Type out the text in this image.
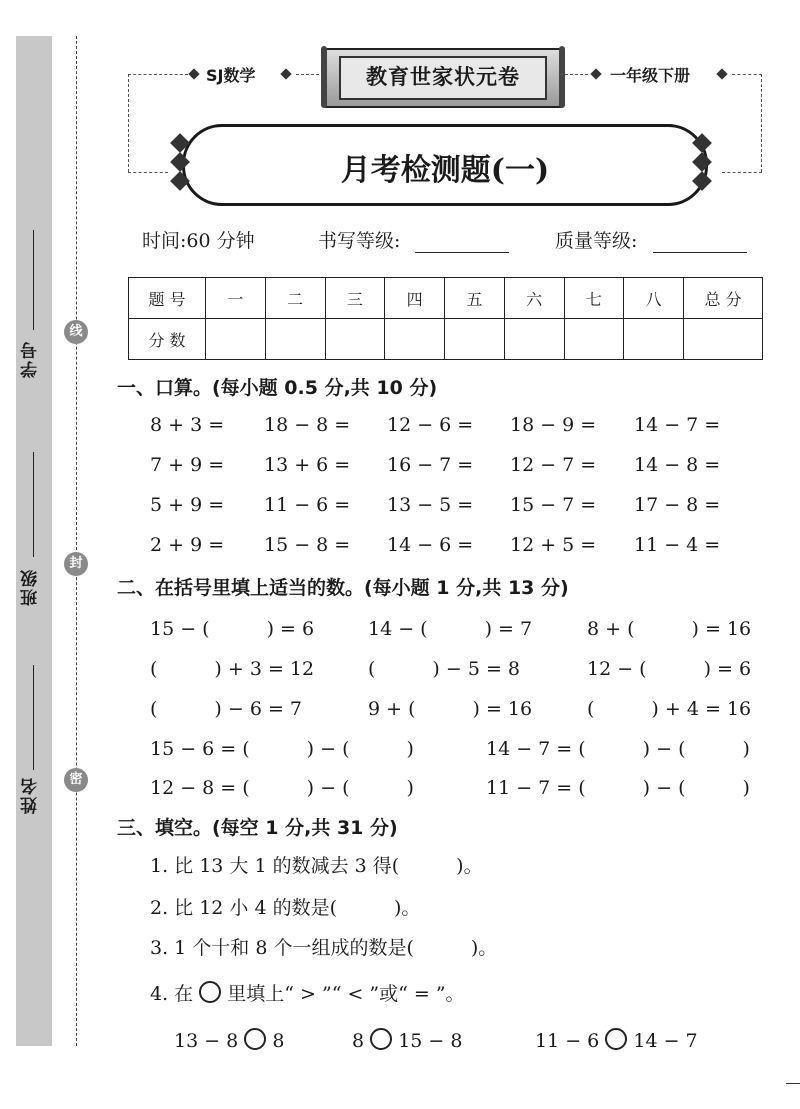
学号
班级
姓名
线
封
密
SJ数学	教育世家状元卷	一年级下册
月考检测题(一)
时间:60 分钟	书写等级:	质量等级:
题 号	一	二	三	四	五	六	七	八	总 分
分 数									
一、口算。(每小题 0.5 分,共 10 分)
8 + 3 = 18 − 8 = 12 − 6 = 18 − 9 = 14 − 7 =
7 + 9 = 13 + 6 = 16 − 7 = 12 − 7 = 14 − 8 =
5 + 9 = 11 − 6 = 13 − 5 = 15 − 7 = 17 − 8 =
2 + 9 = 15 − 8 = 14 − 6 = 12 + 5 = 11 − 4 =
二、在括号里填上适当的数。(每小题 1 分,共 13 分)
15 − (　　　) = 6	14 − (　　　) = 7	8 + (　　　) = 16
(　　　) + 3 = 12	(　　　) − 5 = 8	12 − (　　　) = 6
(　　　) − 6 = 7	9 + (　　　) = 16	(　　　) + 4 = 16
15 − 6 = (　　　) − (　　　)	14 − 7 = (　　　) − (　　　)
12 − 8 = (　　　) − (　　　)	11 − 7 = (　　　) − (　　　)
三、填空。(每空 1 分,共 31 分)
1. 比 13 大 1 的数减去 3 得(　　　)。
2. 比 12 小 4 的数是(　　　)。
3. 1 个十和 8 个一组成的数是(　　　)。
4. 在 里填上“ > ”“ < ”或“ = ”。
13 − 8 8	8 15 − 8	11 − 6 14 − 7
